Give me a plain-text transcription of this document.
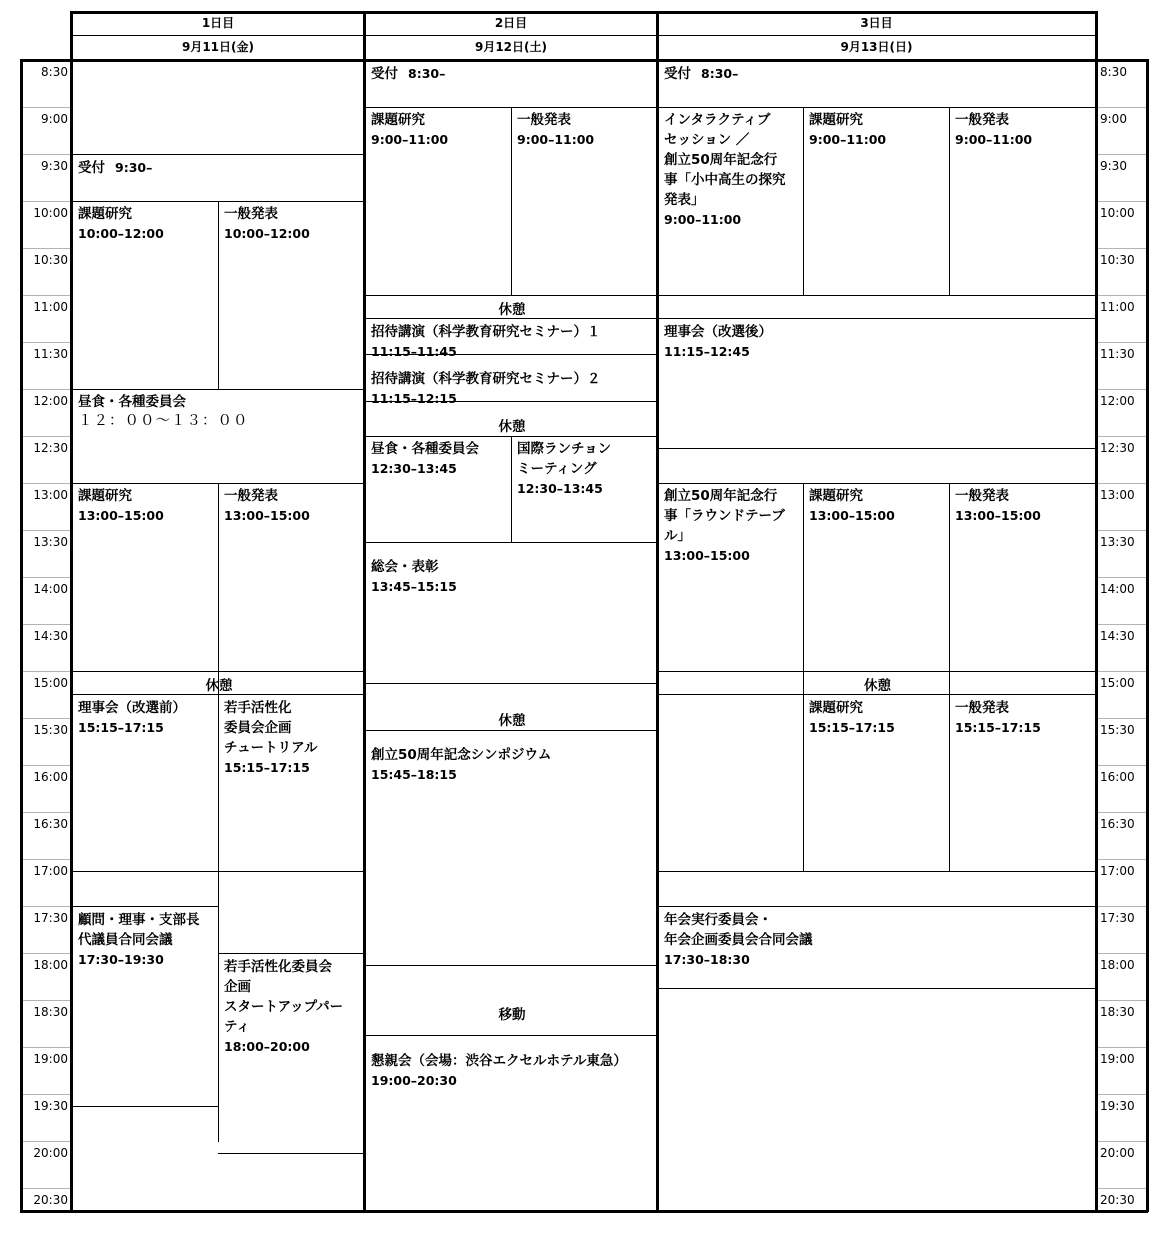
1日目
9月11日(金)
2日目
9月12日(土)
3日目
9月13日(日)
8:30
9:00
9:30
10:00
10:30
11:00
11:30
12:00
12:30
13:00
13:30
14:00
14:30
15:00
15:30
16:00
16:30
17:00
17:30
18:00
18:30
19:00
19:30
20:00
20:30
8:30
9:00
9:30
10:00
10:30
11:00
11:30
12:00
12:30
13:00
13:30
14:00
14:30
15:00
15:30
16:00
16:30
17:00
17:30
18:00
18:30
19:00
19:30
20:00
20:30
受付 9:30–
課題研究
10:00–12:00
一般発表
10:00–12:00
昼食・各種委員会
１２：００〜１３：００
課題研究
13:00–15:00
一般発表
13:00–15:00
休憩
理事会（改選前）
15:15–17:15
若手活性化
委員会企画
チュートリアル
15:15–17:15
顧問・理事・支部長
代議員合同会議
17:30–19:30	若手活性化委員会
企画
スタートアップパー
ティ
18:00–20:00
受付 8:30–
課題研究
9:00–11:00
一般発表
9:00–11:00
休憩
招待講演（科学教育研究セミナー）１
11:15–11:45
招待講演（科学教育研究セミナー）２
11:15–12:15
休憩
昼食・各種委員会
12:30–13:45
国際ランチョン
ミーティング
12:30–13:45
総会・表彰
13:45–15:15
休憩
創立50周年記念シンポジウム
15:45–18:15
移動
懇親会（会場：渋谷エクセルホテル東急）
19:00–20:30
受付 8:30–
インタラクティブ
セッション ／
創立50周年記念行
事「小中高生の探究
発表」
9:00–11:00
課題研究
9:00–11:00
一般発表
9:00–11:00
理事会（改選後）
11:15–12:45
創立50周年記念行
事「ラウンドテーブ
ル」
13:00–15:00
課題研究
13:00–15:00
一般発表
13:00–15:00
休憩
課題研究
15:15–17:15
一般発表
15:15–17:15
年会実行委員会・
年会企画委員会合同会議
17:30–18:30
